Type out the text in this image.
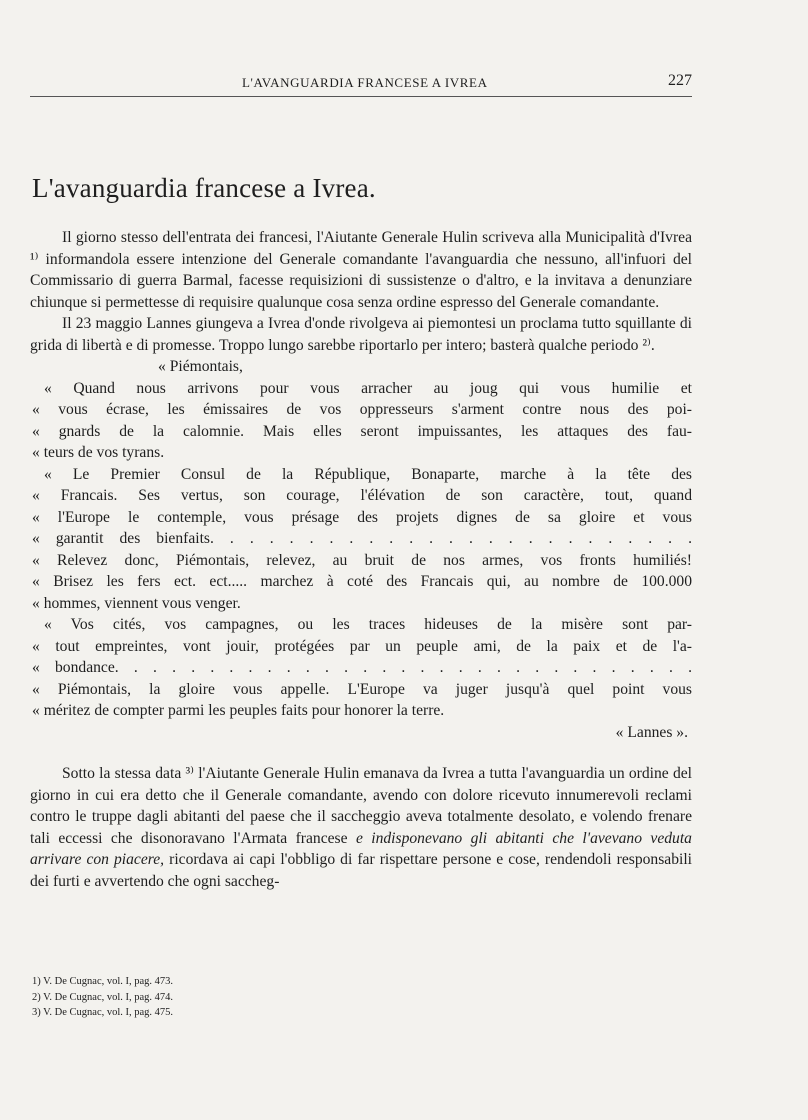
L'AVANGUARDIA FRANCESE A IVREA	227
L'avanguardia francese a Ivrea.

Il giorno stesso dell'entrata dei francesi, l'Aiutante Generale Hulin scriveva alla Municipalità d'Ivrea ¹⁾ informandola essere intenzione del Generale comandante l'avanguardia che nessuno, all'infuori del Commissario di guerra Barmal, facesse requisizioni di sussistenze o d'altro, e la invitava a denunziare chiunque si permettesse di requisire qualunque cosa senza ordine espresso del Generale comandante.

Il 23 maggio Lannes giungeva a Ivrea d'onde rivolgeva ai piemontesi un proclama tutto squillante di grida di libertà e di promesse. Troppo lungo sarebbe riportarlo per intero; basterà qualche periodo ²⁾.

« Piémontais,

« Quand nous arrivons pour vous arracher au joug qui vous humilie et

« vous écrase, les émissaires de vos oppresseurs s'arment contre nous des poi-

« gnards de la calomnie. Mais elles seront impuissantes, les attaques des fau-

« teurs de vos tyrans.

« Le Premier Consul de la République, Bonaparte, marche à la tête des

« Francais. Ses vertus, son courage, l'élévation de son caractère, tout, quand

« l'Europe le contemple, vous présage des projets dignes de sa gloire et vous

« garantit des bienfaits. . . . . . . . . . . . . . . . . . . . . . . . .

« Relevez donc, Piémontais, relevez, au bruit de nos armes, vos fronts humiliés!

« Brisez les fers ect. ect..... marchez à coté des Francais qui, au nombre de 100.000

« hommes, viennent vous venger.

« Vos cités, vos campagnes, ou les traces hideuses de la misère sont par-

« tout empreintes, vont jouir, protégées par un peuple ami, de la paix et de l'a-

« bondance. . . . . . . . . . . . . . . . . . . . . . . . . . . . . . .

« Piémontais, la gloire vous appelle. L'Europe va juger jusqu'à quel point vous

« méritez de compter parmi les peuples faits pour honorer la terre.

« Lannes ».

Sotto la stessa data ³⁾ l'Aiutante Generale Hulin emanava da Ivrea a tutta l'avanguardia un ordine del giorno in cui era detto che il Generale comandante, avendo con dolore ricevuto innumerevoli reclami contro le truppe dagli abitanti del paese che il saccheggio aveva totalmente desolato, e volendo frenare tali eccessi che disonoravano l'Armata francese e indisponevano gli abitanti che l'avevano veduta arrivare con piacere, ricordava ai capi l'obbligo di far rispettare persone e cose, rendendoli responsabili dei furti e avvertendo che ogni saccheg-

1) V. De Cugnac, vol. I, pag. 473.
2) V. De Cugnac, vol. I, pag. 474.
3) V. De Cugnac, vol. I, pag. 475.
